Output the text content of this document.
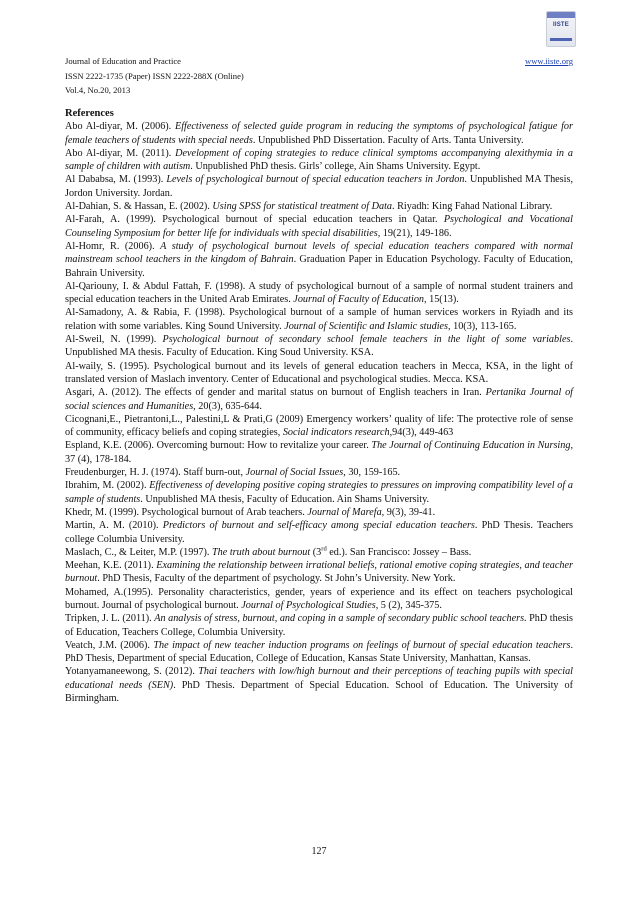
Journal of Education and Practice
ISSN 2222-1735 (Paper) ISSN 2222-288X (Online)
Vol.4, No.20, 2013
www.iiste.org
IISTE
References

Abo Al-diyar, M. (2006). Effectiveness of selected guide program in reducing the symptoms of psychological fatigue for female teachers of students with special needs. Unpublished PhD Dissertation. Faculty of Arts. Tanta University.

Abo Al-diyar, M. (2011). Development of coping strategies to reduce clinical symptoms accompanying alexithymia in a sample of children with autism. Unpublished PhD thesis. Girls’ college, Ain Shams University. Egypt.

Al Dababsa, M. (1993). Levels of psychological burnout of special education teachers in Jordon. Unpublished MA Thesis, Jordon University. Jordan.

Al-Dahian, S. & Hassan, E. (2002). Using SPSS for statistical treatment of Data. Riyadh: King Fahad National Library.

Al-Farah, A. (1999). Psychological burnout of special education teachers in Qatar. Psychological and Vocational Counseling Symposium for better life for individuals with special disabilities, 19(21), 149-186.

Al-Homr, R. (2006). A study of psychological burnout levels of special education teachers compared with normal mainstream school teachers in the kingdom of Bahrain. Graduation Paper in Education Psychology. Faculty of Education, Bahrain University.

Al-Qariouny, I. & Abdul Fattah, F. (1998). A study of psychological burnout of a sample of normal student trainers and special education teachers in the United Arab Emirates. Journal of Faculty of Education, 15(13).

Al-Samadony, A. & Rabia, F. (1998). Psychological burnout of a sample of human services workers in Ryiadh and its relation with some variables. King Sound University. Journal of Scientific and Islamic studies, 10(3), 113-165.

Al-Sweil, N. (1999). Psychological burnout of secondary school female teachers in the light of some variables. Unpublished MA thesis. Faculty of Education. King Soud University. KSA.

Al-waily, S. (1995). Psychological burnout and its levels of general education teachers in Mecca, KSA, in the light of translated version of Maslach inventory. Center of Educational and psychological studies. Mecca. KSA.

Asgari, A. (2012). The effects of gender and marital status on burnout of English teachers in Iran. Pertanika Journal of social sciences and Humanities, 20(3), 635-644.

Cicognani,E., Pietrantoni,L., Palestini,L & Prati,G (2009) Emergency workers’ quality of life: The protective role of sense of community, efficacy beliefs and coping strategies, Social indicators research,94(3), 449-463

Espland, K.E. (2006). Overcoming burnout: How to revitalize your career. The Journal of Continuing Education in Nursing, 37 (4), 178-184.

Freudenburger, H. J. (1974). Staff burn-out, Journal of Social Issues, 30, 159-165.

Ibrahim, M. (2002). Effectiveness of developing positive coping strategies to pressures on improving compatibility level of a sample of students. Unpublished MA thesis, Faculty of Education. Ain Shams University.

Khedr, M. (1999). Psychological burnout of Arab teachers. Journal of Marefa, 9(3), 39-41.

Martin, A. M. (2010). Predictors of burnout and self-efficacy among special education teachers. PhD Thesis. Teachers college Columbia University.

Maslach, C., & Leiter, M.P. (1997). The truth about burnout (3rd ed.). San Francisco: Jossey – Bass.

Meehan, K.E. (2011). Examining the relationship between irrational beliefs, rational emotive coping strategies, and teacher burnout. PhD Thesis, Faculty of the department of psychology. St John’s University. New York.

Mohamed, A.(1995). Personality characteristics, gender, years of experience and its effect on teachers psychological burnout. Journal of psychological burnout. Journal of Psychological Studies, 5 (2), 345-375.

Tripken, J. L. (2011). An analysis of stress, burnout, and coping in a sample of secondary public school teachers. PhD thesis of Education, Teachers College, Columbia University.

Veatch, J.M. (2006). The impact of new teacher induction programs on feelings of burnout of special education teachers. PhD Thesis, Department of special Education, College of Education, Kansas State University, Manhattan, Kansas.

Yotanyamaneewong, S. (2012). Thai teachers with low/high burnout and their perceptions of teaching pupils with special educational needs (SEN). PhD Thesis. Department of Special Education. School of Education. The University of Birmingham.

127
